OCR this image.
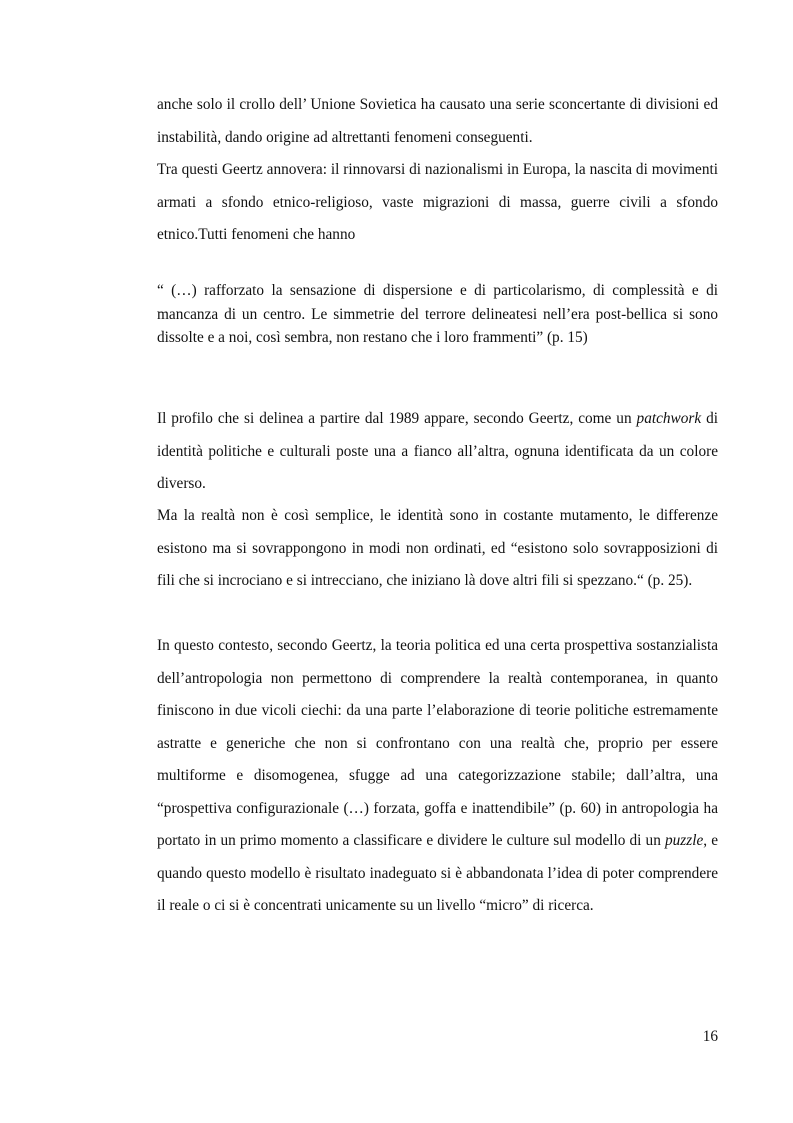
anche solo il crollo dell’ Unione Sovietica ha causato una serie sconcertante di divisioni ed instabilità, dando origine ad altrettanti fenomeni conseguenti.

Tra questi Geertz annovera: il rinnovarsi di nazionalismi in Europa, la nascita di movimenti armati a sfondo etnico-religioso, vaste migrazioni di massa, guerre civili a sfondo etnico.Tutti fenomeni che hanno

“ (…) rafforzato la sensazione di dispersione e di particolarismo, di complessità e di mancanza di un centro. Le simmetrie del terrore delineatesi nell’era post-bellica si sono dissolte e a noi, così sembra, non restano che i loro frammenti” (p. 15)

Il profilo che si delinea a partire dal 1989 appare, secondo Geertz, come un patchwork di identità politiche e culturali poste una a fianco all’altra, ognuna identificata da un colore diverso.

Ma la realtà non è così semplice, le identità sono in costante mutamento, le differenze esistono ma si sovrappongono in modi non ordinati, ed “esistono solo sovrapposizioni di fili che si incrociano e si intrecciano, che iniziano là dove altri fili si spezzano.“ (p. 25).

In questo contesto, secondo Geertz, la teoria politica ed una certa prospettiva sostanzialista dell’antropologia non permettono di comprendere la realtà contemporanea, in quanto finiscono in due vicoli ciechi: da una parte l’elaborazione di teorie politiche estremamente astratte e generiche che non si confrontano con una realtà che, proprio per essere multiforme e disomogenea, sfugge ad una categorizzazione stabile; dall’altra, una “prospettiva configurazionale (…) forzata, goffa e inattendibile” (p. 60) in antropologia ha portato in un primo momento a classificare e dividere le culture sul modello di un puzzle, e quando questo modello è risultato inadeguato si è abbandonata l’idea di poter comprendere il reale o ci si è concentrati unicamente su un livello “micro” di ricerca.

16
